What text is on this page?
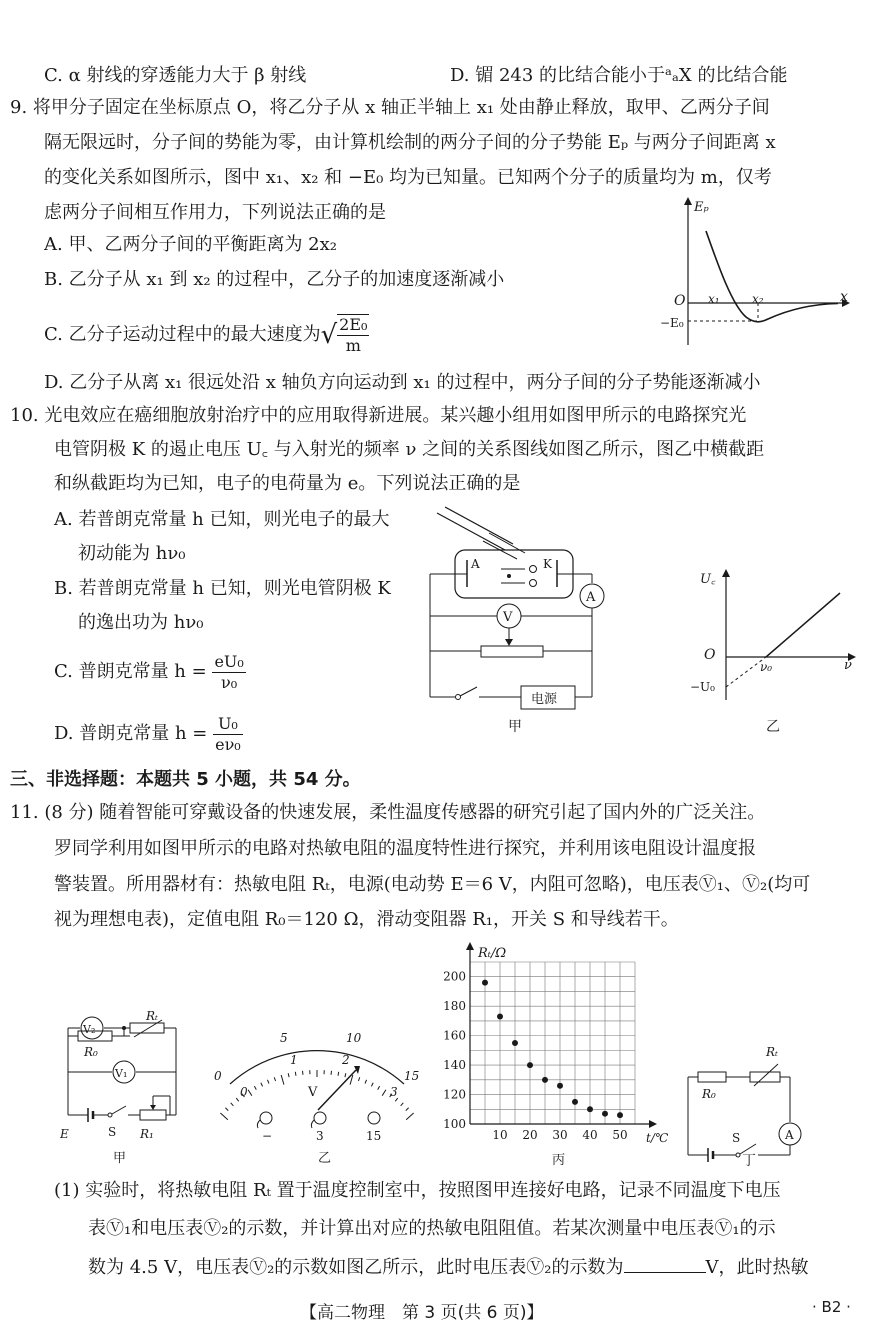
C. α 射线的穿透能力大于 β 射线	D. 镅 243 的比结合能小于ᵃₐX 的比结合能
9. 将甲分子固定在坐标原点 O，将乙分子从 x 轴正半轴上 x₁ 处由静止释放，取甲、乙两分子间
隔无限远时，分子间的势能为零，由计算机绘制的两分子间的分子势能 Eₚ 与两分子间距离 x
的变化关系如图所示，图中 x₁、x₂ 和 −E₀ 均为已知量。已知两个分子的质量均为 m，仅考
虑两分子间相互作用力，下列说法正确的是
A. 甲、乙两分子间的平衡距离为 2x₂
B. 乙分子从 x₁ 到 x₂ 的过程中，乙分子的加速度逐渐减小
C. 乙分子运动过程中的最大速度为√ $\frac{\text{2E₀}}{m}$
D. 乙分子从离 x₁ 很远处沿 x 轴负方向运动到 x₁ 的过程中，两分子间的分子势能逐渐减小
Eₚ
x
O x₁	x₂
−E₀
10. 光电效应在癌细胞放射治疗中的应用取得新进展。某兴趣小组用如图甲所示的电路探究光
电管阴极 K 的遏止电压 U꜀ 与入射光的频率 ν 之间的关系图线如图乙所示，图乙中横截距
和纵截距均为已知，电子的电荷量为 e。下列说法正确的是
A. 若普朗克常量 h 已知，则光电子的最大
初动能为 hν₀
B. 若普朗克常量 h 已知，则光电管阴极 K
的逸出功为 hν₀
C. 普朗克常量 $h = \frac{\text{eU₀}}{\text{ν₀}}$
D. 普朗克常量 $h = \frac{\text{U₀}}{\text{eν₀}}$
A	K
A
V
电源
甲
U꜀
ν
O
ν₀
−U₀
乙
三、非选择题：本题共 5 小题，共 54 分。
11. (8 分) 随着智能可穿戴设备的快速发展，柔性温度传感器的研究引起了国内外的广泛关注。
罗同学利用如图甲所示的电路对热敏电阻的温度特性进行探究，并利用该电阻设计温度报
警装置。所用器材有：热敏电阻 Rₜ，电源(电动势 E＝6 V，内阻可忽略)，电压表Ⓥ₁、Ⓥ₂(均可
视为理想电表)，定值电阻 R₀＝120 Ω，滑动变阻器 R₁，开关 S 和导线若干。
V₂
Rₜ
R₀
V₁
E	S R₁
甲
0
5	10
15
0
1	2
3
V
−	3	15
乙
100
120
140
160
180
200
10 20 30 40 50
Rₜ/Ω
t/℃
丙
Rₜ
A
R₀
S
丁
(1) 实验时，将热敏电阻 Rₜ 置于温度控制室中，按照图甲连接好电路，记录不同温度下电压
表Ⓥ₁和电压表Ⓥ₂的示数，并计算出对应的热敏电阻阻值。若某次测量中电压表Ⓥ₁的示
数为 4.5 V，电压表Ⓥ₂的示数如图乙所示，此时电压表Ⓥ₂的示数为	V，此时热敏
【高二物理　第 3 页(共 6 页)】	· B2 ·
